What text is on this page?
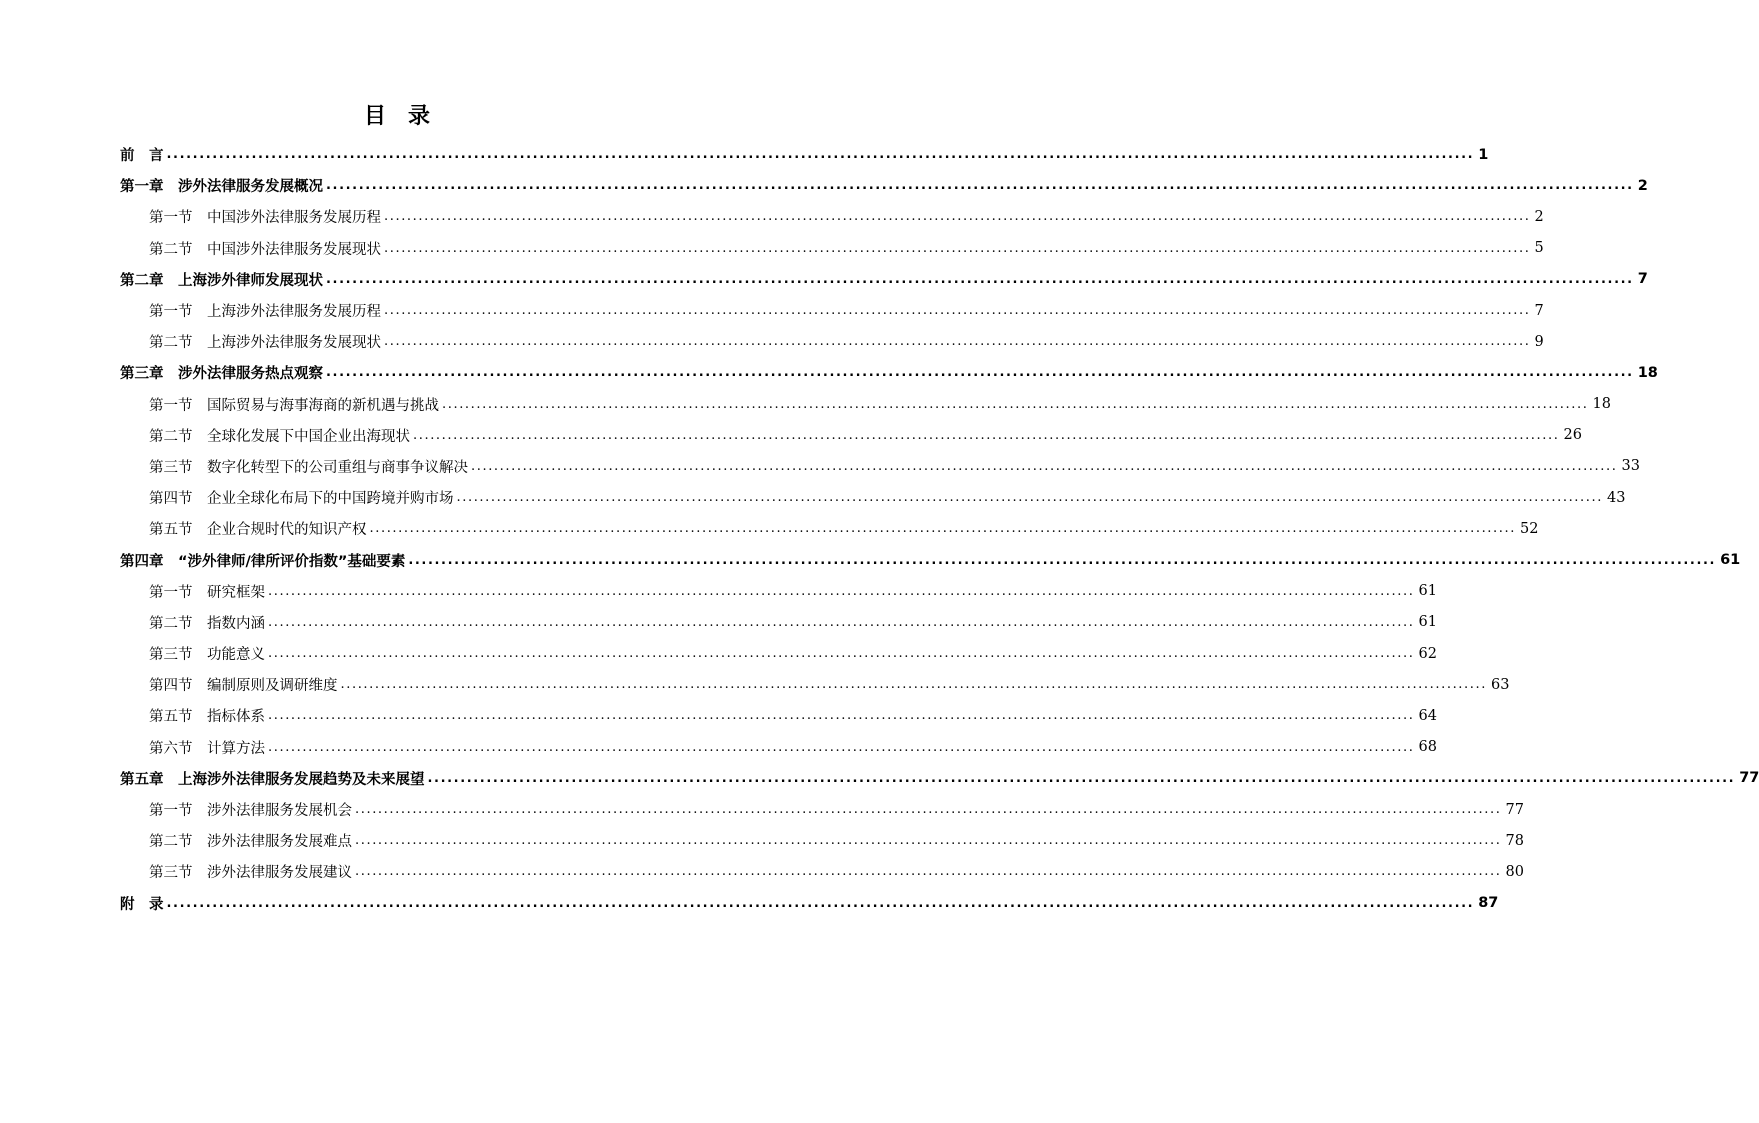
目　录
前　言 ........................................................................................................................................................................................................ 1
第一章　涉外法律服务发展概况 ........................................................................................................................................................................................................ 2
第一节　中国涉外法律服务发展历程 ........................................................................................................................................................................................................ 2
第二节　中国涉外法律服务发展现状 ........................................................................................................................................................................................................ 5
第二章　上海涉外律师发展现状 ........................................................................................................................................................................................................ 7
第一节　上海涉外法律服务发展历程 ........................................................................................................................................................................................................ 7
第二节　上海涉外法律服务发展现状 ........................................................................................................................................................................................................ 9
第三章　涉外法律服务热点观察 ........................................................................................................................................................................................................ 18
第一节　国际贸易与海事海商的新机遇与挑战 ........................................................................................................................................................................................................ 18
第二节　全球化发展下中国企业出海现状 ........................................................................................................................................................................................................ 26
第三节　数字化转型下的公司重组与商事争议解决 ........................................................................................................................................................................................................ 33
第四节　企业全球化布局下的中国跨境并购市场 ........................................................................................................................................................................................................ 43
第五节　企业合规时代的知识产权 ........................................................................................................................................................................................................ 52
第四章　“涉外律师/律所评价指数”基础要素 ........................................................................................................................................................................................................ 61
第一节　研究框架 ........................................................................................................................................................................................................ 61
第二节　指数内涵 ........................................................................................................................................................................................................ 61
第三节　功能意义 ........................................................................................................................................................................................................ 62
第四节　编制原则及调研维度 ........................................................................................................................................................................................................ 63
第五节　指标体系 ........................................................................................................................................................................................................ 64
第六节　计算方法 ........................................................................................................................................................................................................ 68
第五章　上海涉外法律服务发展趋势及未来展望 ........................................................................................................................................................................................................ 77
第一节　涉外法律服务发展机会 ........................................................................................................................................................................................................ 77
第二节　涉外法律服务发展难点 ........................................................................................................................................................................................................ 78
第三节　涉外法律服务发展建议 ........................................................................................................................................................................................................ 80
附　录 ........................................................................................................................................................................................................ 87
